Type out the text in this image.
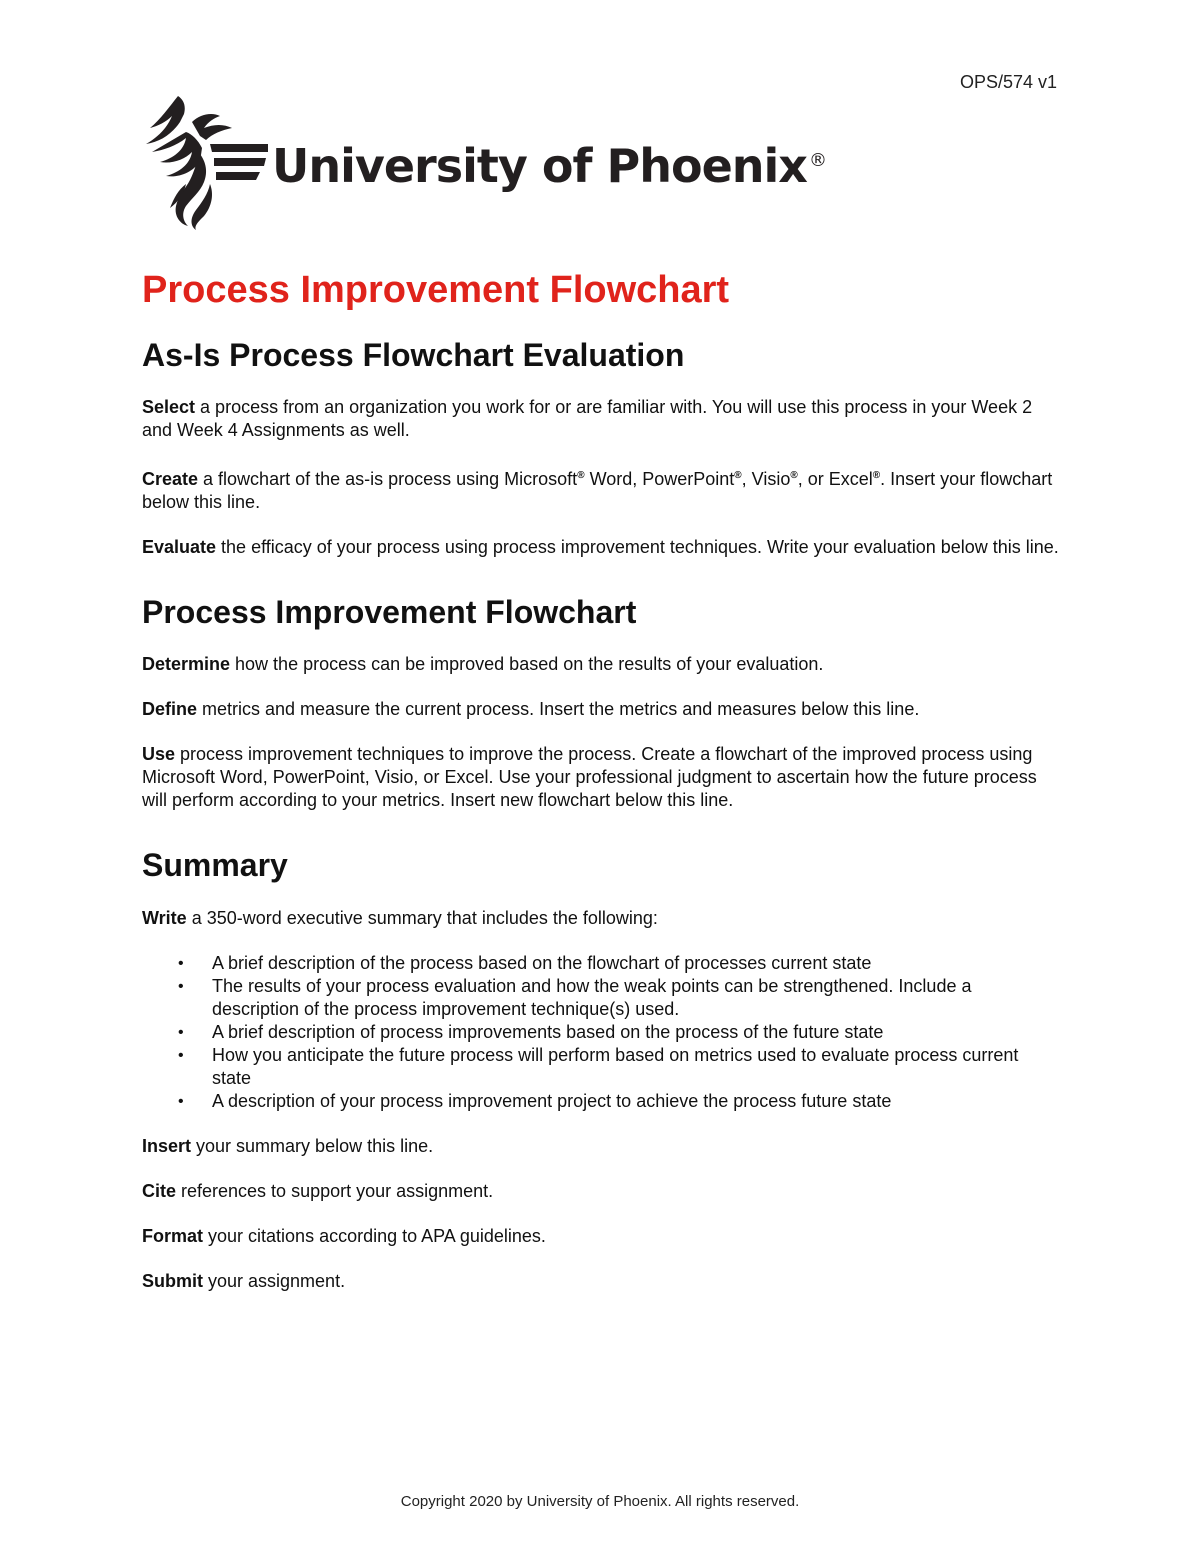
OPS/574 v1
University of Phoenix ®
Process Improvement Flowchart
As-Is Process Flowchart Evaluation

Select a process from an organization you work for or are familiar with. You will use this process in your Week 2 and Week 4 Assignments as well.

Create a flowchart of the as-is process using Microsoft® Word, PowerPoint®, Visio®, or Excel®. Insert your flowchart below this line.

Evaluate the efficacy of your process using process improvement techniques. Write your evaluation below this line.

Process Improvement Flowchart

Determine how the process can be improved based on the results of your evaluation.

Define metrics and measure the current process. Insert the metrics and measures below this line.

Use process improvement techniques to improve the process. Create a flowchart of the improved process using Microsoft Word, PowerPoint, Visio, or Excel. Use your professional judgment to ascertain how the future process will perform according to your metrics. Insert new flowchart below this line.

Summary

Write a 350-word executive summary that includes the following:

• A brief description of the process based on the flowchart of processes current state
• The results of your process evaluation and how the weak points can be strengthened. Include a description of the process improvement technique(s) used.
• A brief description of process improvements based on the process of the future state
• How you anticipate the future process will perform based on metrics used to evaluate process current state
• A description of your process improvement project to achieve the process future state

Insert your summary below this line.

Cite references to support your assignment.

Format your citations according to APA guidelines.

Submit your assignment.

Copyright 2020 by University of Phoenix. All rights reserved.
